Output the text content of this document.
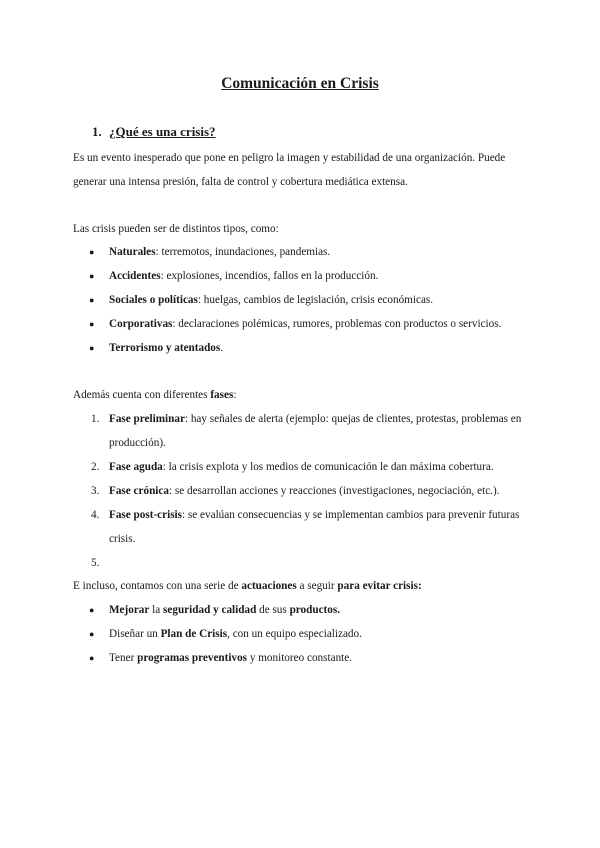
Comunicación en Crisis
1. ¿Qué es una crisis?
Es un evento inesperado que pone en peligro la imagen y estabilidad de una organización. Puede
generar una intensa presión, falta de control y cobertura mediática extensa.
Las crisis pueden ser de distintos tipos, como:
● Naturales: terremotos, inundaciones, pandemias.
● Accidentes: explosiones, incendios, fallos en la producción.
● Sociales o políticas: huelgas, cambios de legislación, crisis económicas.
● Corporativas: declaraciones polémicas, rumores, problemas con productos o servicios.
● Terrorismo y atentados.
Además cuenta con diferentes fases:
1. Fase preliminar: hay señales de alerta (ejemplo: quejas de clientes, protestas, problemas en
producción).
2. Fase aguda: la crisis explota y los medios de comunicación le dan máxima cobertura.
3. Fase crónica: se desarrollan acciones y reacciones (investigaciones, negociación, etc.).
4. Fase post-crisis: se evalúan consecuencias y se implementan cambios para prevenir futuras
crisis.
5.
E incluso, contamos con una serie de actuaciones a seguir para evitar crisis:
● Mejorar la seguridad y calidad de sus productos.
● Diseñar un Plan de Crisis, con un equipo especializado.
● Tener programas preventivos y monitoreo constante.
